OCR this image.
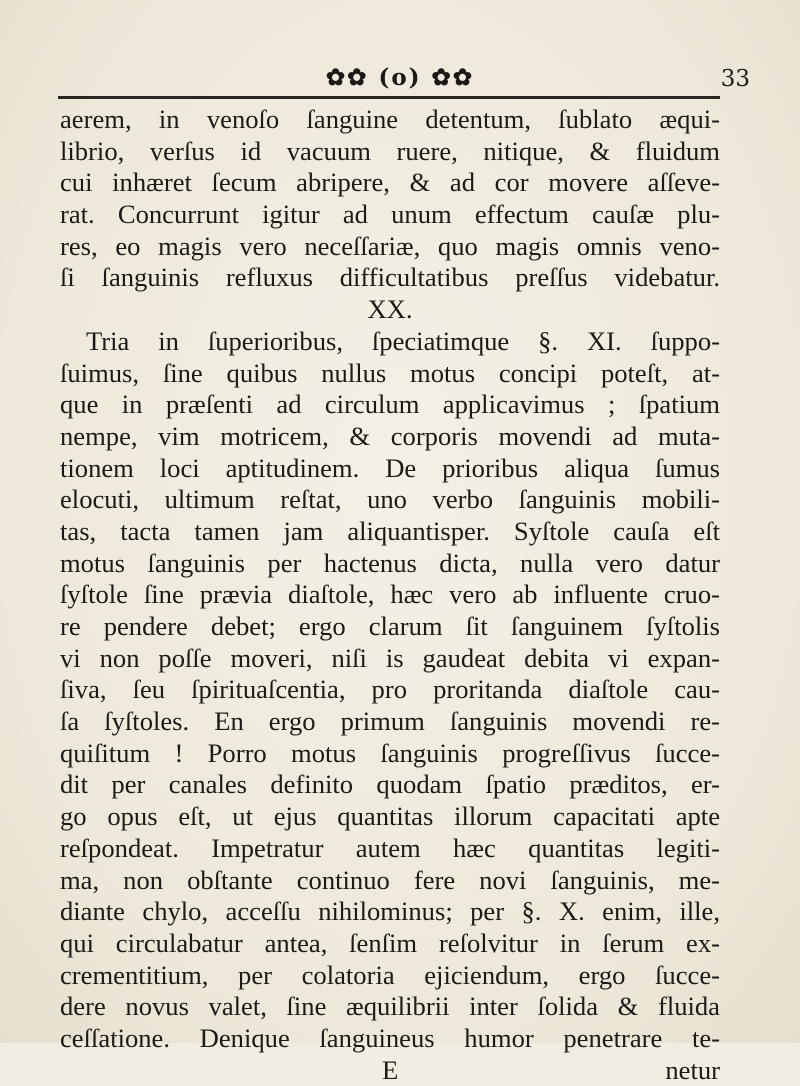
✿✿ (o) ✿✿	33
aerem, in venoſo ſanguine detentum, ſublato æqui-
librio, verſus id vacuum ruere, nitique, & fluidum
cui inhæret ſecum abripere, & ad cor movere aſſeve-
rat. Concurrunt igitur ad unum effectum cauſæ plu-
res, eo magis vero neceſſariæ, quo magis omnis veno-
ſi ſanguinis refluxus difficultatibus preſſus videbatur.
XX.
Tria in ſuperioribus, ſpeciatimque §. XI. ſuppo-
ſuimus, ſine quibus nullus motus concipi poteſt, at-
que in præſenti ad circulum applicavimus ; ſpatium
nempe, vim motricem, & corporis movendi ad muta-
tionem loci aptitudinem. De prioribus aliqua ſumus
elocuti, ultimum reſtat, uno verbo ſanguinis mobili-
tas, tacta tamen jam aliquantisper. Syſtole cauſa eſt
motus ſanguinis per hactenus dicta, nulla vero datur
ſyſtole ſine prævia diaſtole, hæc vero ab influente cruo-
re pendere debet; ergo clarum ſit ſanguinem ſyſtolis
vi non poſſe moveri, niſi is gaudeat debita vi expan-
ſiva, ſeu ſpirituaſcentia, pro proritanda diaſtole cau-
ſa ſyſtoles. En ergo primum ſanguinis movendi re-
quiſitum ! Porro motus ſanguinis progreſſivus ſucce-
dit per canales definito quodam ſpatio præditos, er-
go opus eſt, ut ejus quantitas illorum capacitati apte
reſpondeat. Impetratur autem hæc quantitas legiti-
ma, non obſtante continuo fere novi ſanguinis, me-
diante chylo, acceſſu nihilominus; per §. X. enim, ille,
qui circulabatur antea, ſenſim reſolvitur in ſerum ex-
crementitium, per colatoria ejiciendum, ergo ſucce-
dere novus valet, ſine æquilibrii inter ſolida & fluida
ceſſatione. Denique ſanguineus humor penetrare te-
E	netur
